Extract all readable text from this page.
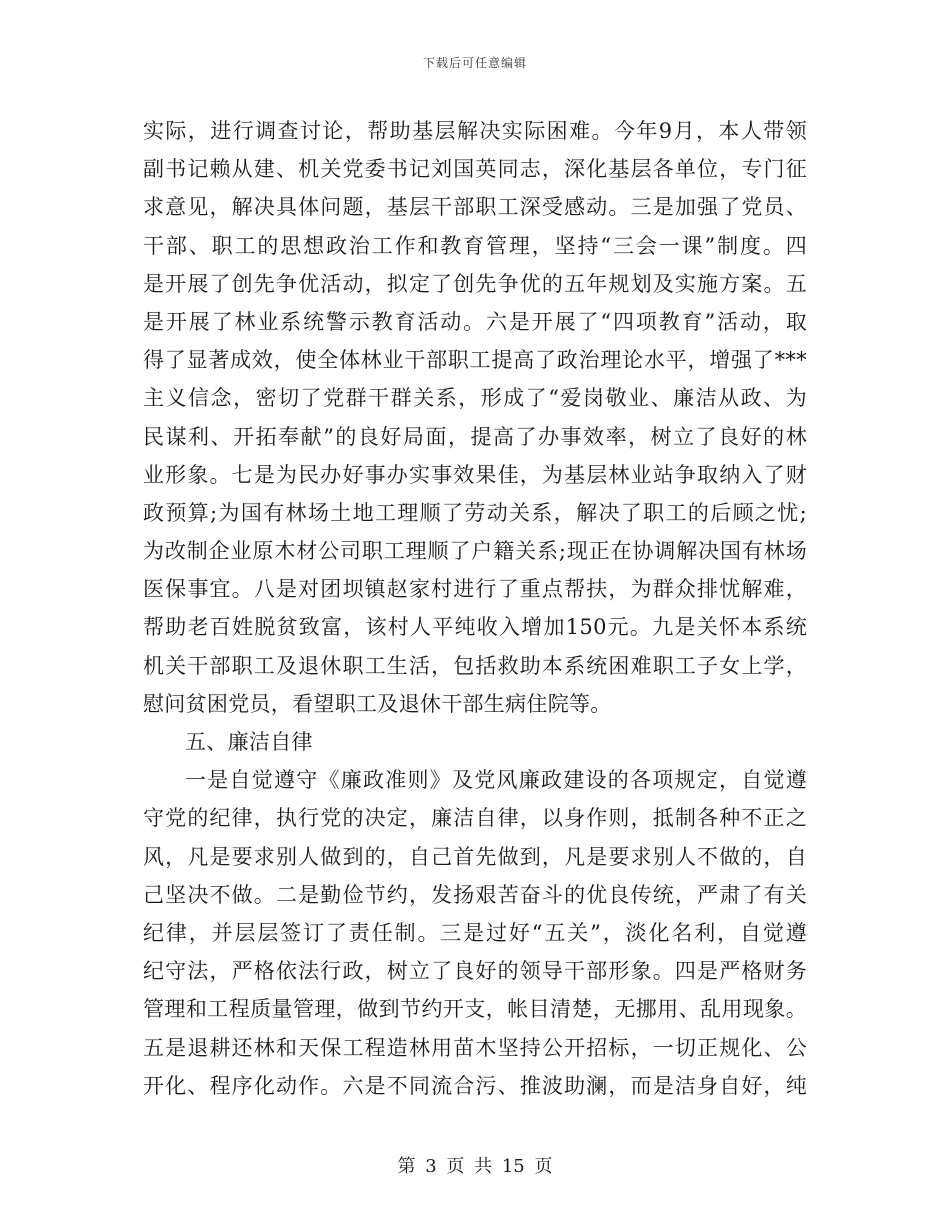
下载后可任意编辑
实际，进行调查讨论，帮助基层解决实际困难。今年9月，本人带领
副书记赖从建、机关党委书记刘国英同志，深化基层各单位，专门征
求意见，解决具体问题，基层干部职工深受感动。三是加强了党员、
干部、职工的思想政治工作和教育管理，坚持“三会一课”制度。四
是开展了创先争优活动，拟定了创先争优的五年规划及实施方案。五
是开展了林业系统警示教育活动。六是开展了“四项教育”活动，取
得了显著成效，使全体林业干部职工提高了政治理论水平，增强了***
主义信念，密切了党群干群关系，形成了“爱岗敬业、廉洁从政、为
民谋利、开拓奉献”的良好局面，提高了办事效率，树立了良好的林
业形象。七是为民办好事办实事效果佳，为基层林业站争取纳入了财
政预算;为国有林场土地工理顺了劳动关系，解决了职工的后顾之忧;
为改制企业原木材公司职工理顺了户籍关系;现正在协调解决国有林场
医保事宜。八是对团坝镇赵家村进行了重点帮扶，为群众排忧解难，
帮助老百姓脱贫致富，该村人平纯收入增加150元。九是关怀本系统
机关干部职工及退休职工生活，包括救助本系统困难职工子女上学，
慰问贫困党员，看望职工及退休干部生病住院等。
五、廉洁自律
一是自觉遵守《廉政准则》及党风廉政建设的各项规定，自觉遵
守党的纪律，执行党的决定，廉洁自律，以身作则，抵制各种不正之
风，凡是要求别人做到的，自己首先做到，凡是要求别人不做的，自
己坚决不做。二是勤俭节约，发扬艰苦奋斗的优良传统，严肃了有关
纪律，并层层签订了责任制。三是过好“五关”，淡化名利，自觉遵
纪守法，严格依法行政，树立了良好的领导干部形象。四是严格财务
管理和工程质量管理，做到节约开支，帐目清楚，无挪用、乱用现象。
五是退耕还林和天保工程造林用苗木坚持公开招标，一切正规化、公
开化、程序化动作。六是不同流合污、推波助澜，而是洁身自好，纯
第 3 页 共 15 页
